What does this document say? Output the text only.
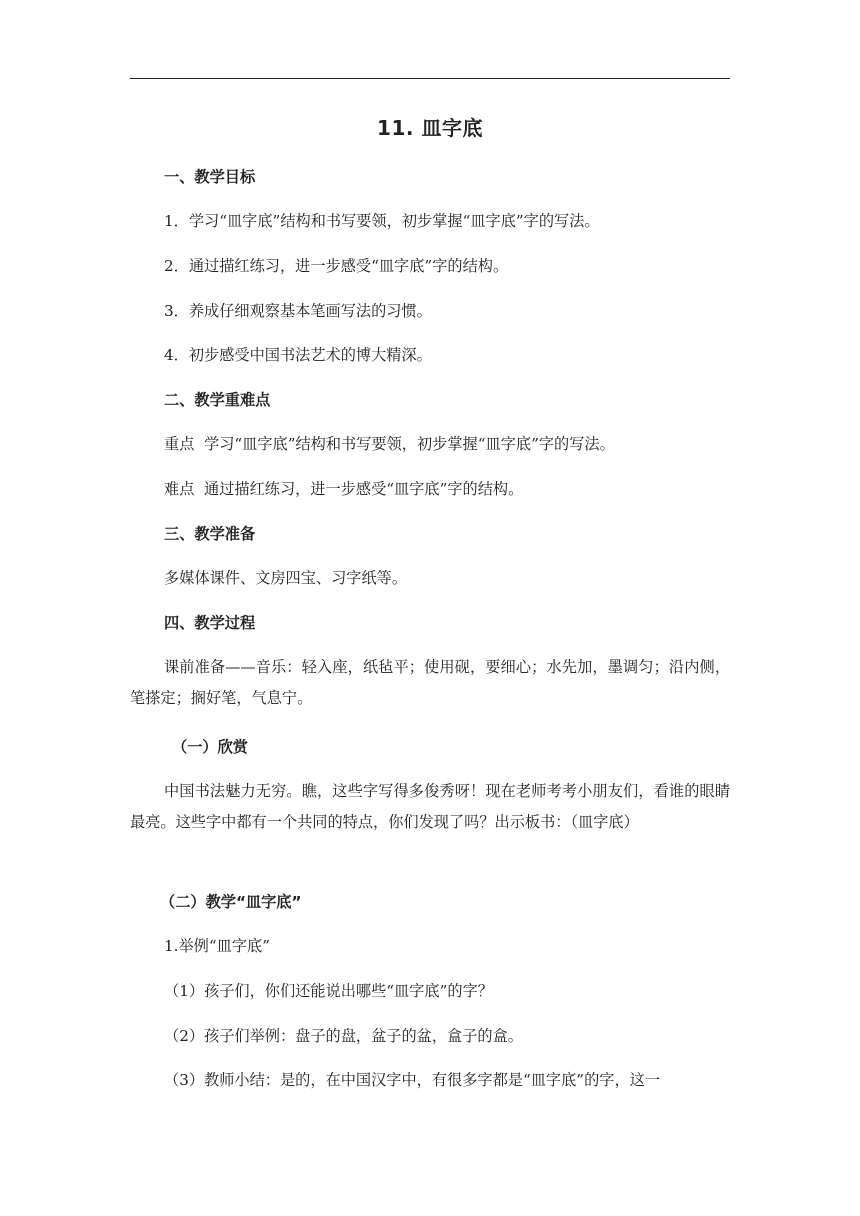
11. 皿字底
一、教学目标
1．学习“皿字底”结构和书写要领，初步掌握“皿字底”字的写法。
2．通过描红练习，进一步感受“皿字底”字的结构。
3．养成仔细观察基本笔画写法的习惯。
4．初步感受中国书法艺术的博大精深。
二、教学重难点
重点  学习“皿字底”结构和书写要领，初步掌握“皿字底”字的写法。
难点  通过描红练习，进一步感受“皿字底”字的结构。
三、教学准备
多媒体课件、文房四宝、习字纸等。
四、教学过程
课前准备——音乐：轻入座，纸毡平；使用砚，要细心；水先加，墨调匀；沿内侧，笔搽定；搁好笔，气息宁。
（一）欣赏
中国书法魅力无穷。瞧，这些字写得多俊秀呀！现在老师考考小朋友们，看谁的眼睛最亮。这些字中都有一个共同的特点，你们发现了吗？出示板书：（皿字底）
（二）教学“皿字底”
1.举例“皿字底”
（1）孩子们，你们还能说出哪些“皿字底”的字？
（2）孩子们举例：盘子的盘，盆子的盆，盒子的盒。
（3）教师小结：是的，在中国汉字中，有很多字都是“皿字底”的字，这一
